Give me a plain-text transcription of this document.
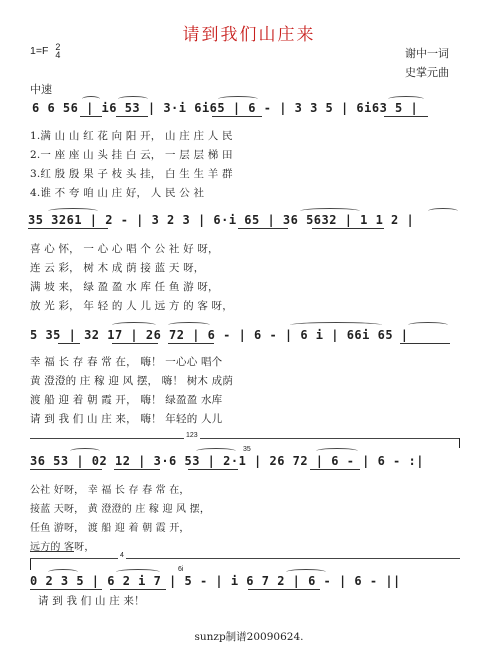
请到我们山庄来
1=F 2
4	谢中一词
史掌元曲
中速
6 6 56 | i6 53 | 3·i 6i65 | 6 - | 3 3 5 | 6i63 5 |
1.满 山 山 红 花 向 阳 开， 山 庄 庄 人 民
2.一 座 座 山 头 挂 白 云， 一 层 层 梯 田
3.红 殷 殷 果 子 枝 头 挂， 白 生 生 羊 群
4.谁 不 夸 咱 山 庄 好， 人 民 公 社
35 3261 | 2 - | 3 2 3 | 6·i 65 | 36 5632 | 1 1 2 |
喜 心 怀， 一 心 心 唱 个 公 社 好 呀，
连 云 彩， 树 木 成 荫 接 蓝 天 呀，
满 坡 来， 绿 盈 盈 水 库 任 鱼 游 呀，
放 光 彩， 年 轻 的 人 儿 远 方 的 客 呀，
5 35 | 32 17 | 26 72 | 6 - | 6 - | 6 i | 66i 65 |
幸 福 长 存 春 常 在， 嗨！ 一心心 唱个
黄 澄澄的 庄 稼 迎 风 摆， 嗨！ 树木 成荫
渡 船 迎 着 朝 霞 开， 嗨！ 绿盈盈 水库
请 到 我 们 山 庄 来， 嗨！ 年轻的 人儿
123
35
36 53 | 02 12 | 3·6 53 | 2·1 | 26 72 | 6 - | 6 - :|
公社 好呀， 幸 福 长 存 春 常 在，
接蓝 天呀， 黄 澄澄的 庄 稼 迎 风 摆，
任鱼 游呀， 渡 船 迎 着 朝 霞 开，
远方的 客呀，
4
6i
0 2 3 5 | 6 2 i 7 | 5 - | i 6 7 2 | 6 - | 6 - ||
请 到 我 们 山 庄 来！
sunzp制谱20090624.
